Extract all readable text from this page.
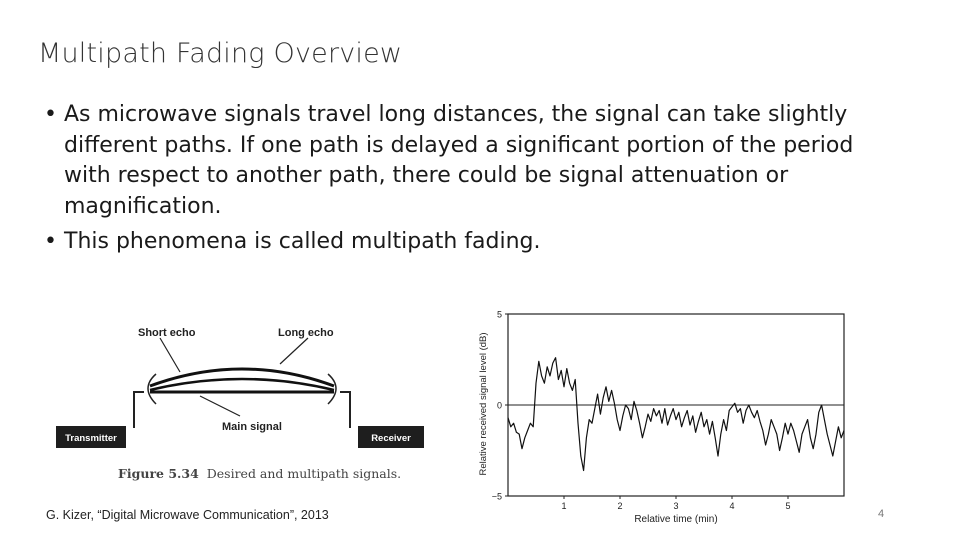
Multipath Fading Overview
• As microwave signals travel long distances, the signal can take slightly different paths. If one path is delayed a significant portion of the period with respect to another path, there could be signal attenuation or magnification.
• This phenomena is called multipath fading.
Short echo	Long echo
Main signal
Transmitter	Receiver
Figure 5.34 Desired and multipath signals.
5
0
−5
1	2	3	4	5
Relative received signal level (dB)
Relative time (min)
G. Kizer, “Digital Microwave Communication”, 2013	4
